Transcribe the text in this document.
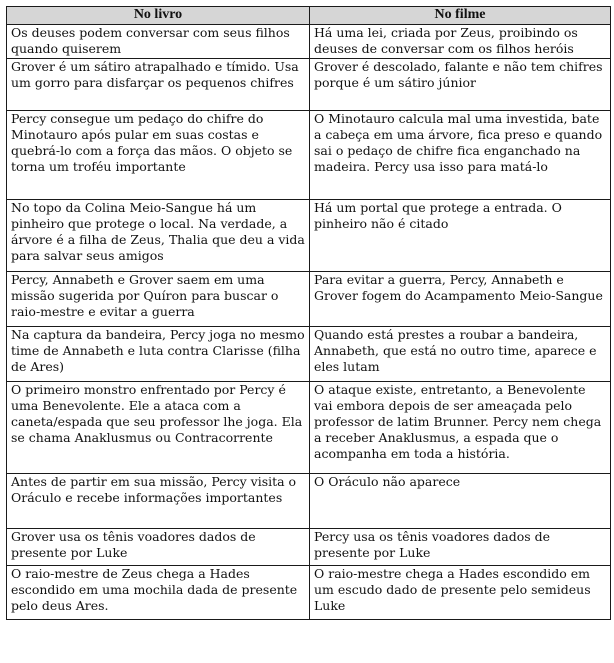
No livro	No filme
Os deuses podem conversar com seus filhos quando quiserem	Há uma lei, criada por Zeus, proibindo os deuses de conversar com os filhos heróis
Grover é um sátiro atrapalhado e tímido. Usa um gorro para disfarçar os pequenos chifres	Grover é descolado, falante e não tem chifres porque é um sátiro júnior
Percy consegue um pedaço do chifre do Minotauro após pular em suas costas e quebrá-lo com a força das mãos. O objeto se torna um troféu importante	O Minotauro calcula mal uma investida, bate a cabeça em uma árvore, fica preso e quando sai o pedaço de chifre fica enganchado na madeira. Percy usa isso para matá-lo
No topo da Colina Meio-Sangue há um pinheiro que protege o local. Na verdade, a árvore é a filha de Zeus, Thalia que deu a vida para salvar seus amigos	Há um portal que protege a entrada. O pinheiro não é citado
Percy, Annabeth e Grover saem em uma missão sugerida por Quíron para buscar o raio-mestre e evitar a guerra	Para evitar a guerra, Percy, Annabeth e Grover fogem do Acampamento Meio-Sangue
Na captura da bandeira, Percy joga no mesmo time de Annabeth e luta contra Clarisse (filha de Ares)	Quando está prestes a roubar a bandeira, Annabeth, que está no outro time, aparece e eles lutam
O primeiro monstro enfrentado por Percy é uma Benevolente. Ele a ataca com a caneta/espada que seu professor lhe joga. Ela se chama Anaklusmus ou Contracorrente	O ataque existe, entretanto, a Benevolente vai embora depois de ser ameaçada pelo professor de latim Brunner. Percy nem chega a receber Anaklusmus, a espada que o acompanha em toda a história.
Antes de partir em sua missão, Percy visita o Oráculo e recebe informações importantes	O Oráculo não aparece
Grover usa os tênis voadores dados de presente por Luke	Percy usa os tênis voadores dados de presente por Luke
O raio-mestre de Zeus chega a Hades escondido em uma mochila dada de presente pelo deus Ares.	O raio-mestre chega a Hades escondido em um escudo dado de presente pelo semideus Luke
